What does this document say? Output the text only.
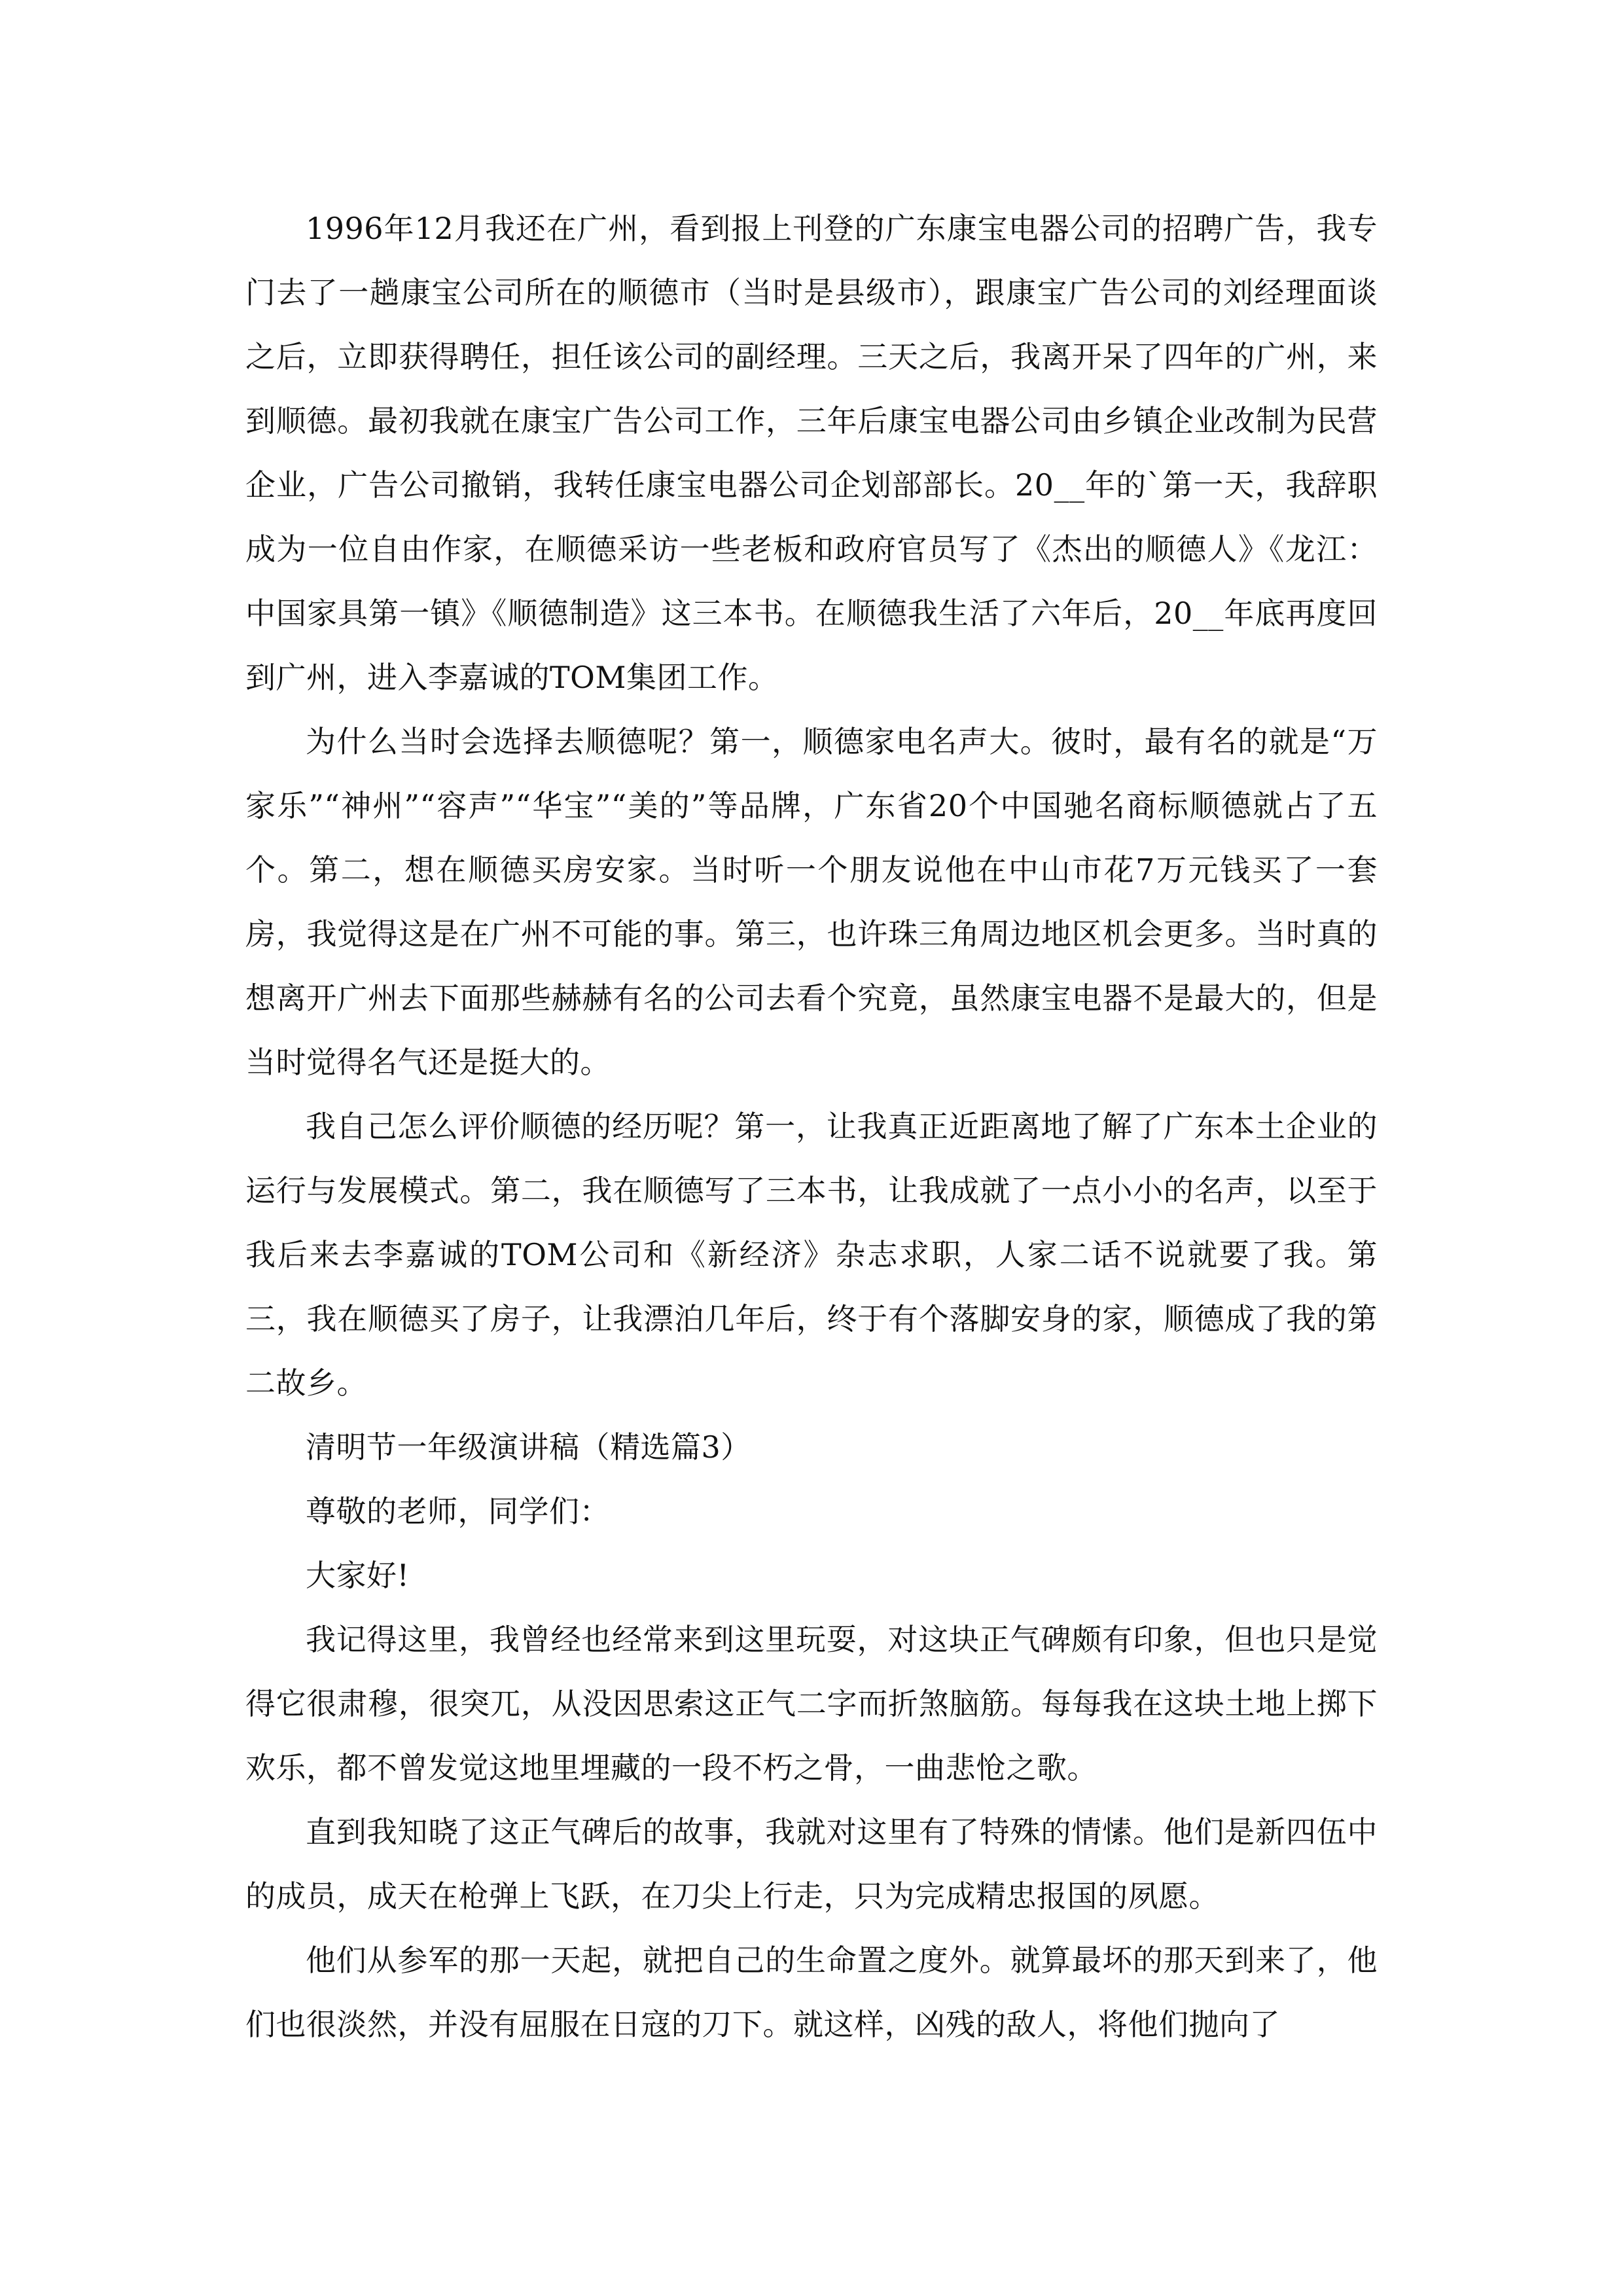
1996年12月我还在广州，看到报上刊登的广东康宝电器公司的招聘广告，我专门去了一趟康宝公司所在的顺德市（当时是县级市），跟康宝广告公司的刘经理面谈之后，立即获得聘任，担任该公司的副经理。三天之后，我离开呆了四年的广州，来到顺德。最初我就在康宝广告公司工作，三年后康宝电器公司由乡镇企业改制为民营企业，广告公司撤销，我转任康宝电器公司企划部部长。20__年的`第一天，我辞职成为一位自由作家，在顺德采访一些老板和政府官员写了《杰出的顺德人》《龙江：中国家具第一镇》《顺德制造》这三本书。在顺德我生活了六年后，20__年底再度回到广州，进入李嘉诚的TOM集团工作。

为什么当时会选择去顺德呢？第一，顺德家电名声大。彼时，最有名的就是“万家乐”“神州”“容声”“华宝”“美的”等品牌，广东省20个中国驰名商标顺德就占了五个。第二，想在顺德买房安家。当时听一个朋友说他在中山市花7万元钱买了一套房，我觉得这是在广州不可能的事。第三，也许珠三角周边地区机会更多。当时真的想离开广州去下面那些赫赫有名的公司去看个究竟，虽然康宝电器不是最大的，但是当时觉得名气还是挺大的。

我自己怎么评价顺德的经历呢？第一，让我真正近距离地了解了广东本土企业的运行与发展模式。第二，我在顺德写了三本书，让我成就了一点小小的名声，以至于我后来去李嘉诚的TOM公司和《新经济》杂志求职，人家二话不说就要了我。第三，我在顺德买了房子，让我漂泊几年后，终于有个落脚安身的家，顺德成了我的第二故乡。

清明节一年级演讲稿（精选篇3）

尊敬的老师，同学们：

大家好!

我记得这里，我曾经也经常来到这里玩耍，对这块正气碑颇有印象，但也只是觉得它很肃穆，很突兀，从没因思索这正气二字而折煞脑筋。每每我在这块土地上掷下欢乐，都不曾发觉这地里埋藏的一段不朽之骨，一曲悲怆之歌。

直到我知晓了这正气碑后的故事，我就对这里有了特殊的情愫。他们是新四伍中的成员，成天在枪弹上飞跃，在刀尖上行走，只为完成精忠报国的夙愿。

他们从参军的那一天起，就把自己的生命置之度外。就算最坏的那天到来了，他们也很淡然，并没有屈服在日寇的刀下。就这样，凶残的敌人，将他们抛向了
